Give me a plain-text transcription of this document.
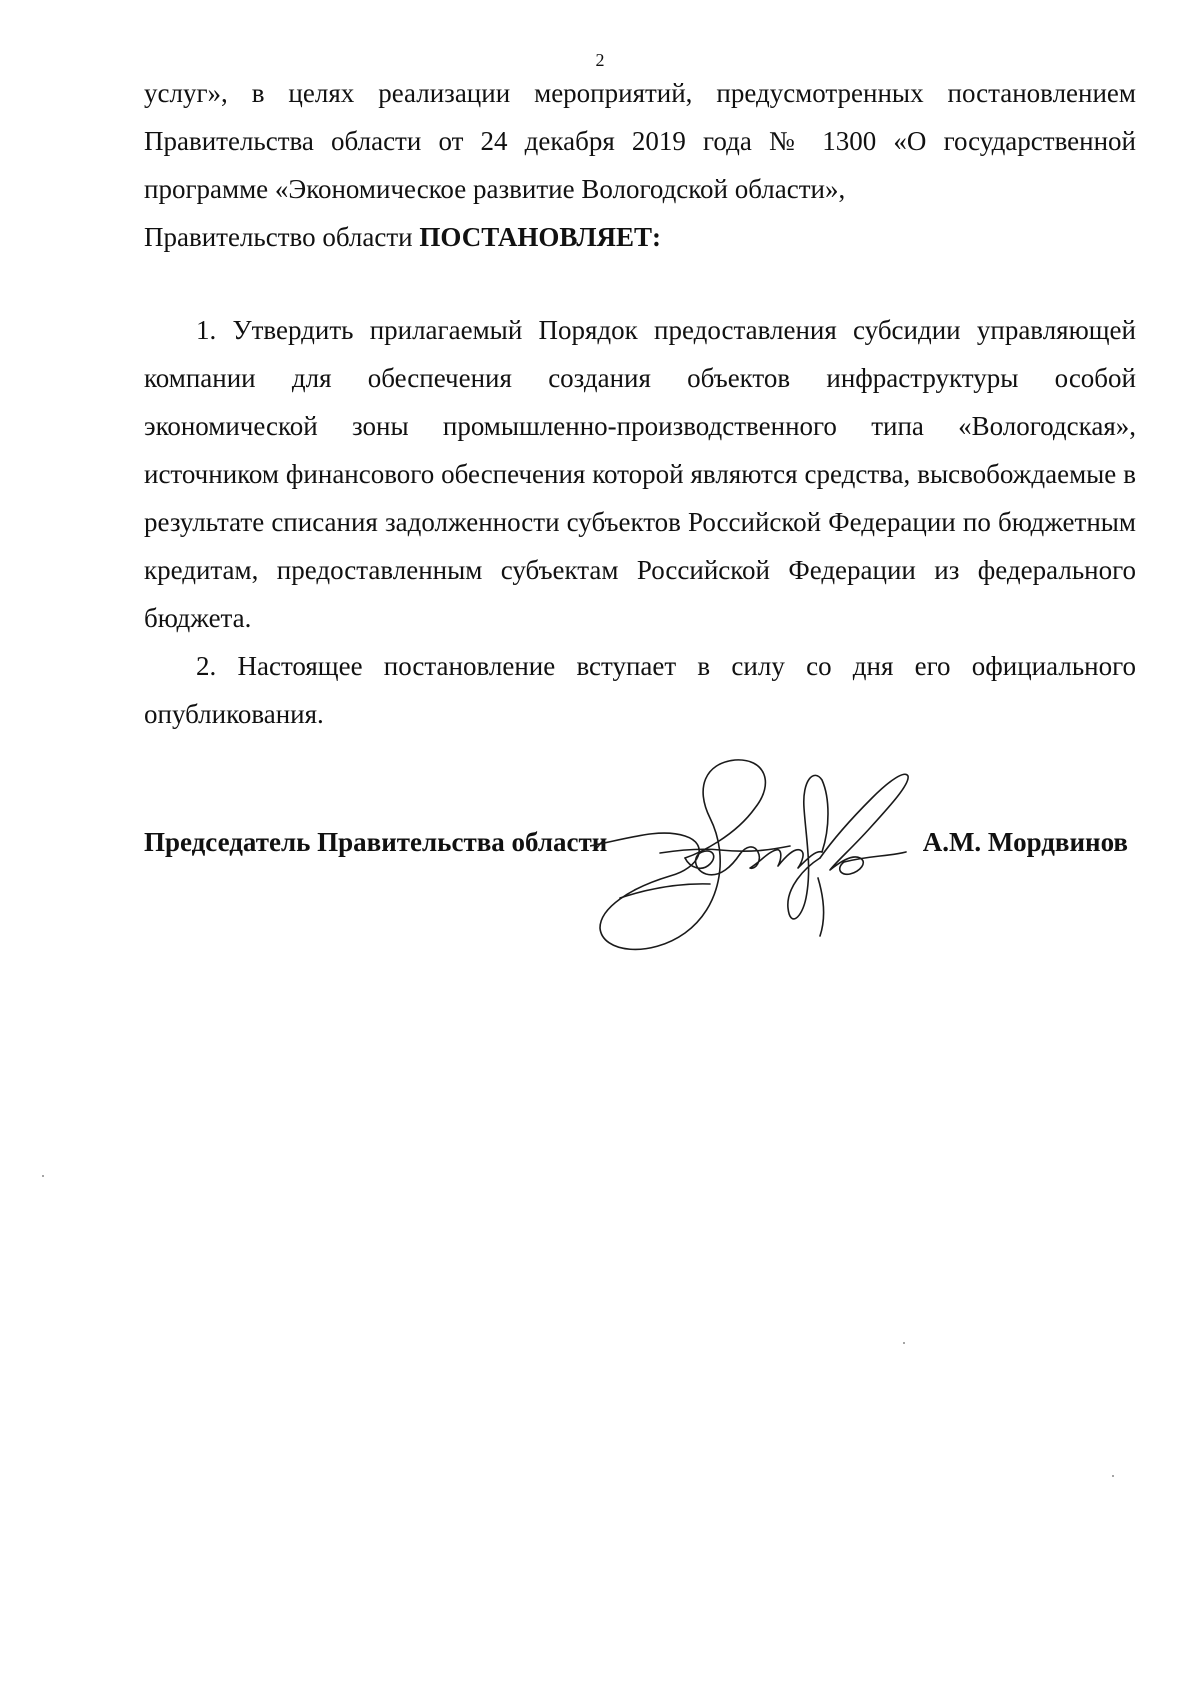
2

услуг», в целях реализации мероприятий, предусмотренных постановлением Правительства области от 24 декабря 2019 года № 1300 «О государственной программе «Экономическое развитие Вологодской области»,

Правительство области ПОСТАНОВЛЯЕТ:

1. Утвердить прилагаемый Порядок предоставления субсидии управляющей компании для обеспечения создания объектов инфраструктуры особой экономической зоны промышленно-производственного типа «Вологодская», источником финансового обеспечения которой являются средства, высвобождаемые в результате списания задолженности субъектов Российской Федерации по бюджетным кредитам, предоставленным субъектам Российской Федерации из федерального бюджета.

2. Настоящее постановление вступает в силу со дня его официального опубликования.

Председатель Правительства области	А.М. Мордвинов
